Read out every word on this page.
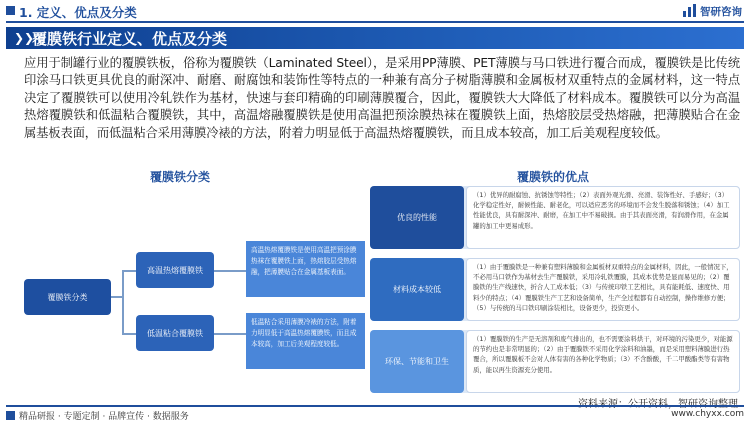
1. 定义、优点及分类	智研咨询
❯❯
覆膜铁行业定义、优点及分类
应用于制罐行业的覆膜铁板，俗称为覆膜铁（Laminated Steel），是采用PP薄膜、PET薄膜与马口铁进行覆合而成，覆膜铁是比传统印涂马口铁更具优良的耐深冲、耐磨、耐腐蚀和装饰性等特点的一种兼有高分子树脂薄膜和金属板材双重特点的金属材料，这一特点决定了覆膜铁可以使用冷轧铁作为基材，快速与套印精确的印刷薄膜覆合，因此，覆膜铁大大降低了材料成本。覆膜铁可以分为高温热熔覆膜铁和低温粘合覆膜铁，其中，高温熔融覆膜铁是使用高温把预涂膜热袜在覆膜铁上面，热熔胶层受热熔融，把薄膜贴合在金属基板表面，而低温粘合采用薄膜冷裱的方法，附着力明显低于高温热熔覆膜铁，而且成本较高，加工后美观程度较低。
覆膜铁分类	覆膜铁的优点
覆膜铁分类
高温热熔覆膜铁
低温粘合覆膜铁
高温热熔覆膜铁是使用高温把预涂膜热袜在覆膜铁上面，热熔胶层受热熔融，把薄膜贴合在金属基板表面。
低温粘合采用薄膜冷裱的方法，附着力明显低于高温热熔覆膜铁，而且成本较高，加工后美观程度较低。
优良的性能
（1）优异的耐腐蚀、抗锈蚀等特性；（2）表面外观光滑、亮滑、装饰性好、手感好；（3）化学稳定性好，耐候性能、耐老化，可以适应恶劣的环境而不会发生脱落和锈蚀；（4）加工性能优良，具有耐深冲、耐磨，在加工中不易破损。由于其表面亮滑，有润滑作用，在金属罐的加工中更易成形。
材料成本较低
（1）由于覆膜铁是一种兼有塑料薄膜和金属板材双重特点的金属材料，因此，一般情况下，不必用马口铁作为基材去生产覆膜铁，采用冷轧铁覆膜，其成本优势是显而易见的；（2）覆膜铁的生产线速快，折合人工成本低；（3）与传统印铁工艺相比，具有能耗低、速度快、用料少的特点；（4）覆膜铁生产工艺和设备简单，生产全过程都有自动控制，操作维修方便；（5）与传统的马口铁印刷涂装相比，设备更少，投资更小。
环保、节能和卫生
（1）覆膜铁的生产是无溶剂和废气排出的，也不需要涂料烘干，对环境的污染更少，对能源的节约也是非常明显的；（2）由于覆膜铁不采用化学涂料和油墨，而是采用塑料薄膜进行热覆合，所以覆膜板不会对人体有害的各种化学物质；（3）不含酚酸，千二甲酸酯类等有害物质，能以再生资源充分使用。
精品研报 · 专题定制 · 品牌宣传 · 数据服务	www.chyxx.com
